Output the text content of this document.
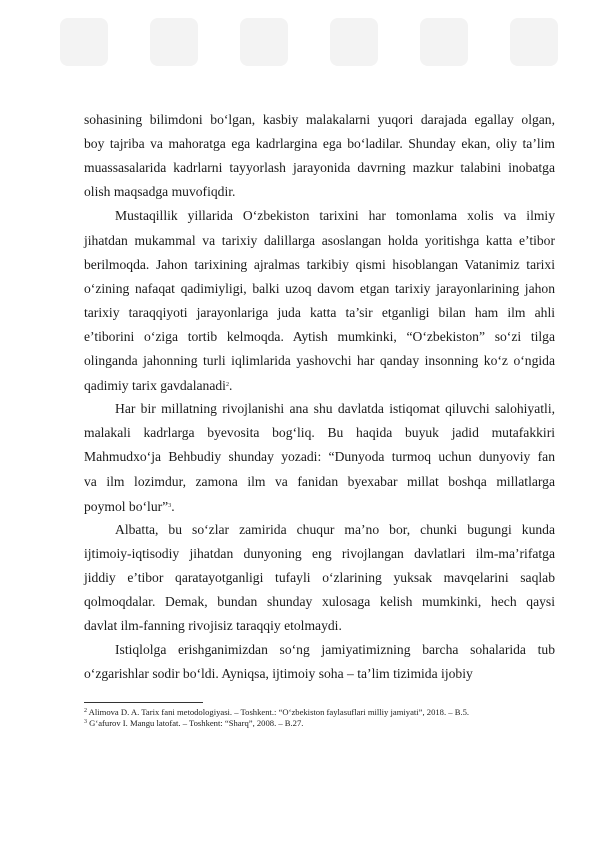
sohasining bilimdoni bo‘lgan, kasbiy malakalarni yuqori darajada egallay olgan,
boy tajriba va mahoratga ega kadrlargina ega bo‘ladilar. Shunday ekan, oliy ta’lim
muassasalarida kadrlarni tayyorlash jarayonida davrning mazkur talabini inobatga
olish maqsadga muvofiqdir.
Mustaqillik yillarida O‘zbekiston tarixini har tomonlama xolis va ilmiy
jihatdan mukammal va tarixiy dalillarga asoslangan holda yoritishga katta e’tibor
berilmoqda. Jahon tarixining ajralmas tarkibiy qismi hisoblangan Vatanimiz tarixi
o‘zining nafaqat qadimiyligi, balki uzoq davom etgan tarixiy jarayonlarining jahon
tarixiy taraqqiyoti jarayonlariga juda katta ta’sir etganligi bilan ham ilm ahli
e’tiborini o‘ziga tortib kelmoqda. Aytish mumkinki, “O‘zbekiston” so‘zi tilga
olinganda jahonning turli iqlimlarida yashovchi har qanday insonning ko‘z o‘ngida
qadimiy tarix gavdalanadi$^2$.
Har bir millatning rivojlanishi ana shu davlatda istiqomat qiluvchi salohiyatli,
malakali kadrlarga byevosita bog‘liq. Bu haqida buyuk jadid mutafakkiri
Mahmudxo‘ja Behbudiy shunday yozadi: “Dunyoda turmoq uchun dunyoviy fan
va ilm lozimdur, zamona ilm va fanidan byexabar millat boshqa millatlarga
poymol bo‘lur”$^3$.
Albatta, bu so‘zlar zamirida chuqur ma’no bor, chunki bugungi kunda
ijtimoiy-iqtisodiy jihatdan dunyoning eng rivojlangan davlatlari ilm-ma’rifatga
jiddiy e’tibor qaratayotganligi tufayli o‘zlarining yuksak mavqelarini saqlab
qolmoqdalar. Demak, bundan shunday xulosaga kelish mumkinki, hech qaysi
davlat ilm-fanning rivojisiz taraqqiy etolmaydi.
Istiqlolga erishganimizdan so‘ng jamiyatimizning barcha sohalarida tub
o‘zgarishlar sodir bo‘ldi. Ayniqsa, ijtimoiy soha – ta’lim tizimida ijobiy
$^2$ Alimova D. A. Tarix fani metodologiyasi. – Toshkent.: “O‘zbekiston faylasuflari milliy jamiyati”, 2018. – B.5.
$^3$ G‘afurov I. Mangu latofat. – Toshkent: “Sharq”, 2008. – B.27.
